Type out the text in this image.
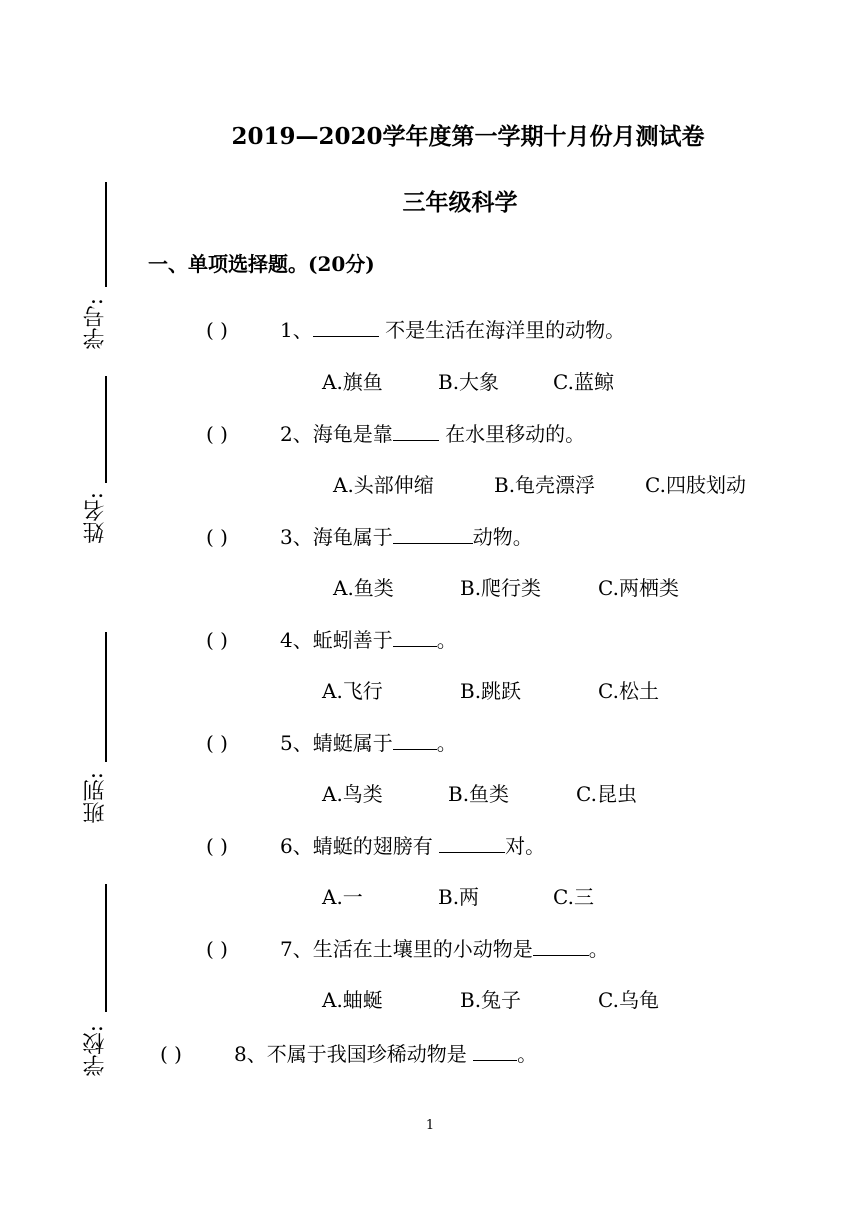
2019—2020学年度第一学期十月份月测试卷
三年级科学
一、单项选择题。(20分)
学号:
姓名:
班别:
学校:
( )	1、	不是生活在海洋里的动物。
A.旗鱼	B.大象	C.蓝鲸
( )	2、海龟是靠 在水里移动的。
A.头部伸缩	B.龟壳漂浮 C.四肢划动
( )	3、海龟属于	动物。
A.鱼类	B.爬行类	C.两栖类
( )	4、蚯蚓善于 。
A.飞行	B.跳跃	C.松土
( )	5、蜻蜓属于 。
A.鸟类	B.鱼类	C.昆虫
( )	6、蜻蜓的翅膀有	对。
A.一	B.两	C.三
( )	7、生活在土壤里的小动物是	。
A.蚰蜒	B.兔子	C.乌龟
( )	8、不属于我国珍稀动物是 。
1
